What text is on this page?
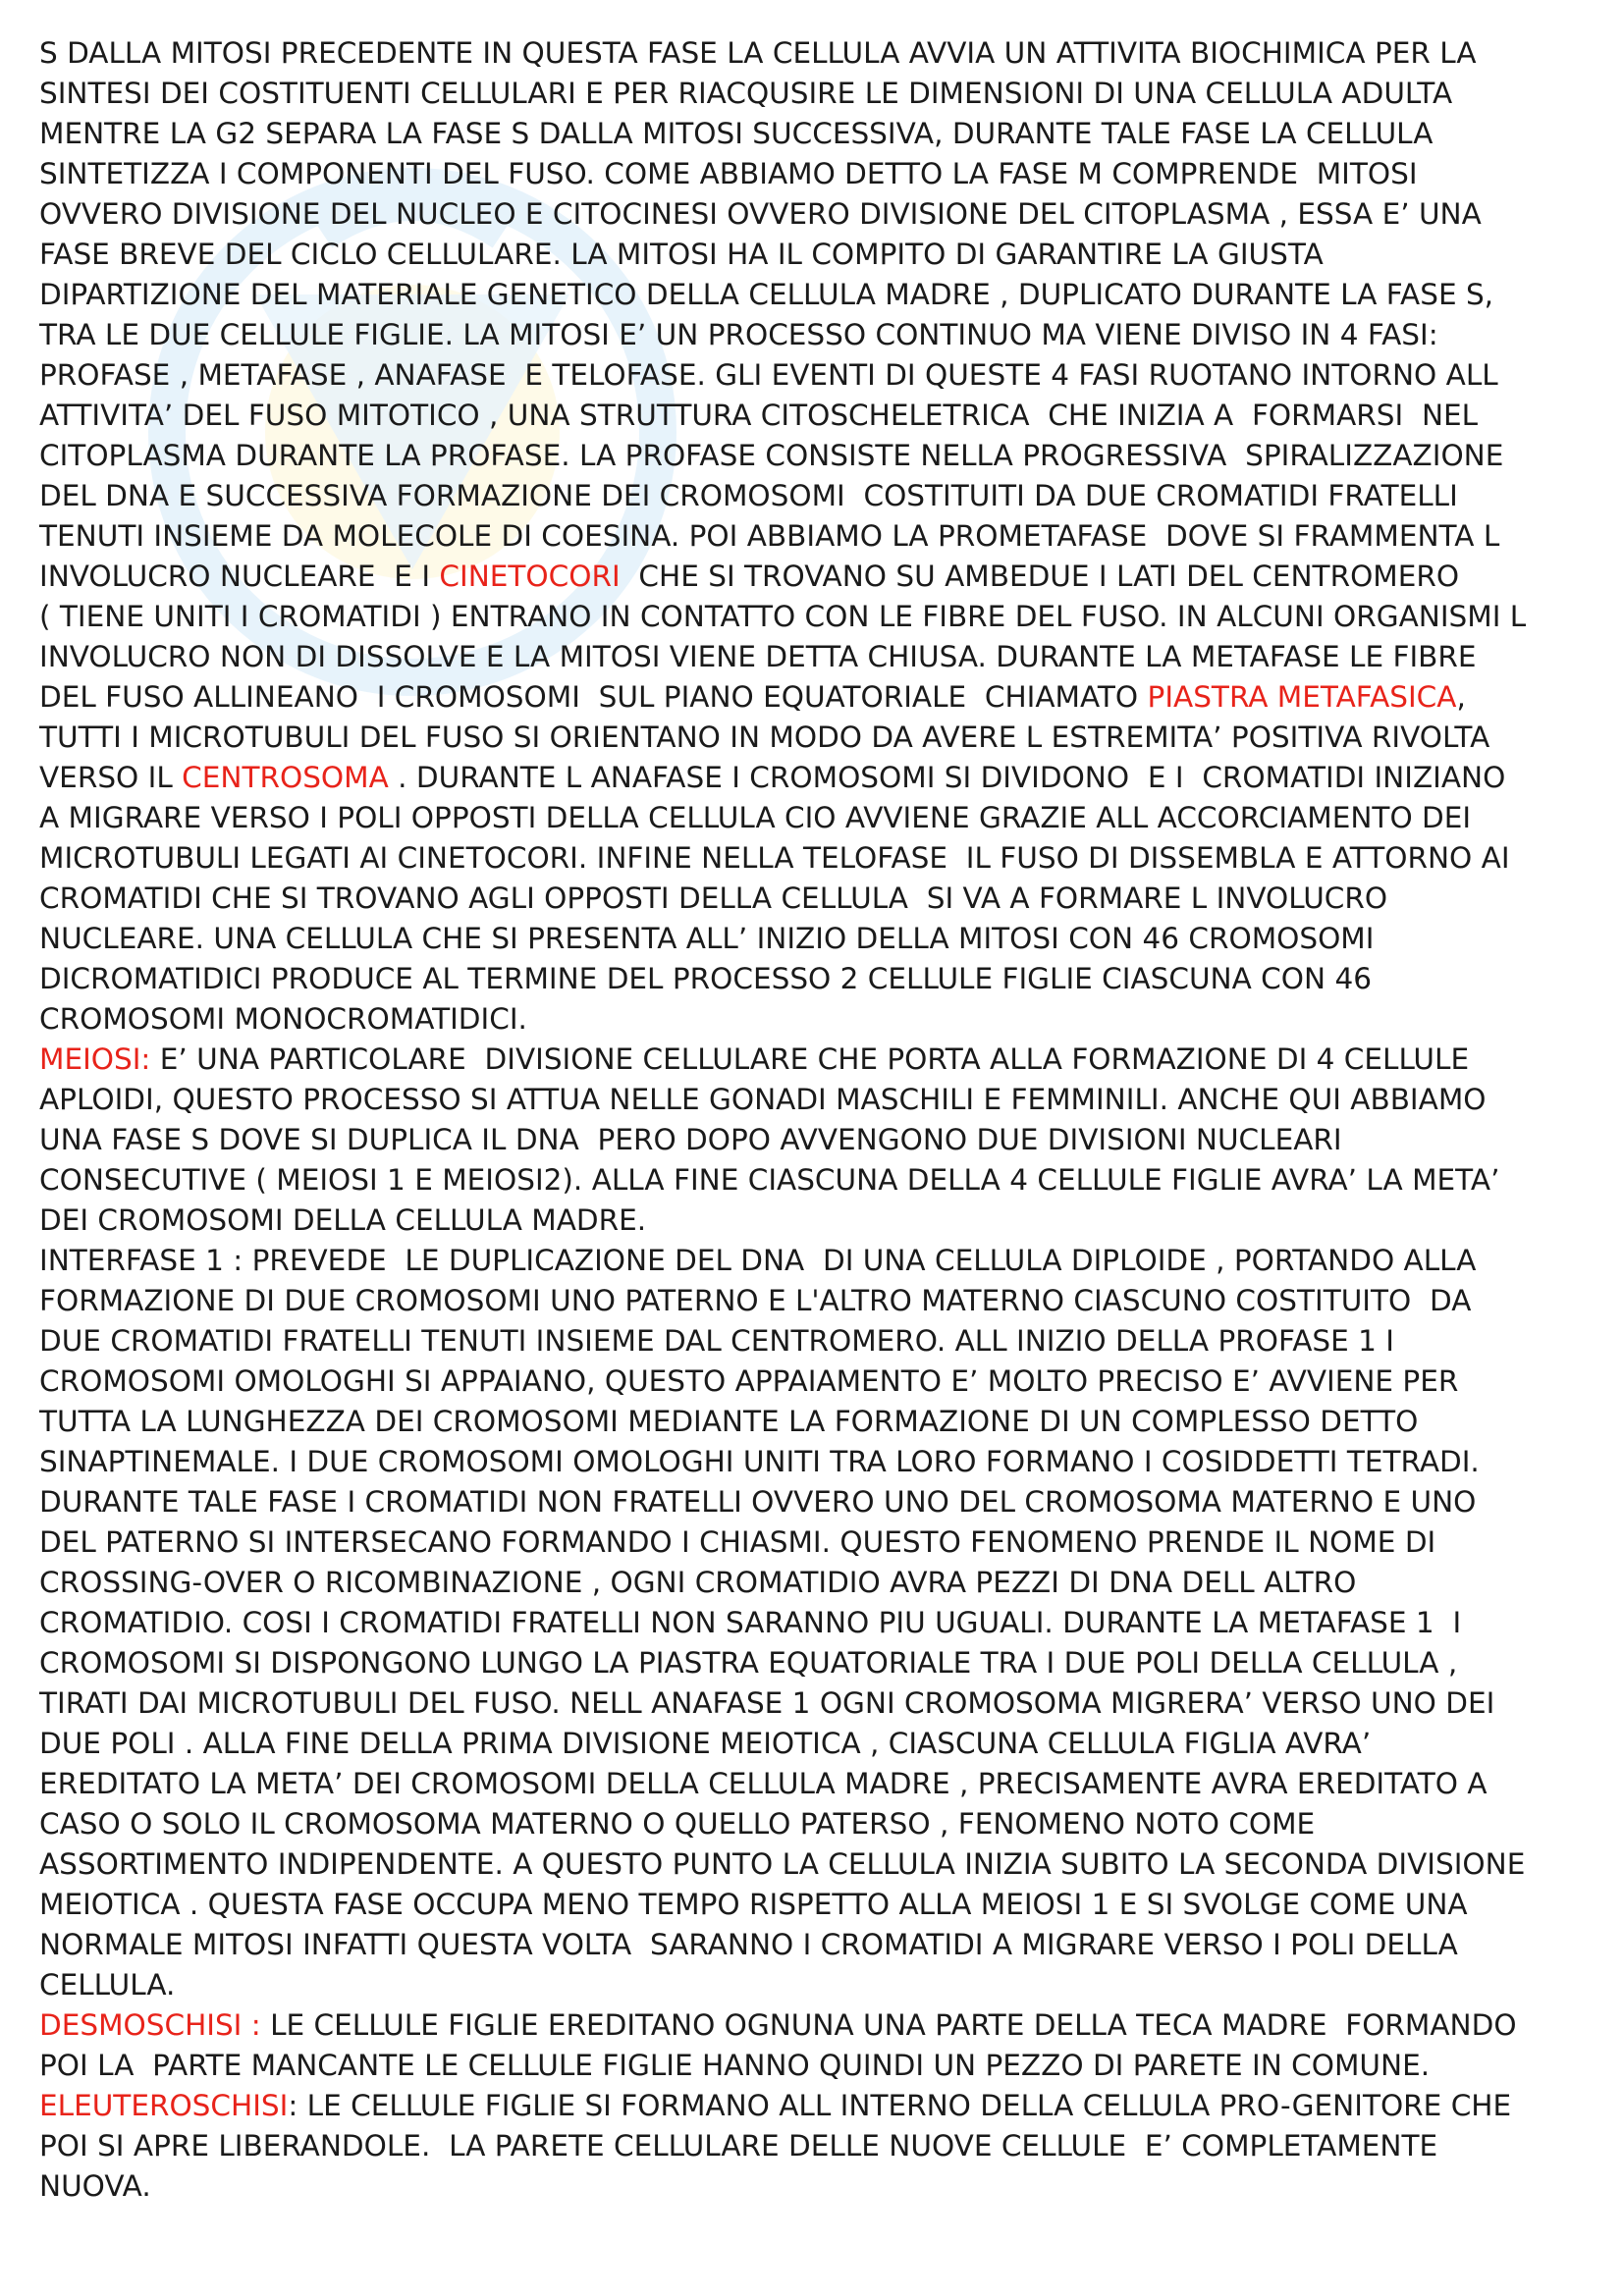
S DALLA MITOSI PRECEDENTE IN QUESTA FASE LA CELLULA AVVIA UN ATTIVITA BIOCHIMICA PER LA
SINTESI DEI COSTITUENTI CELLULARI E PER RIACQUSIRE LE DIMENSIONI DI UNA CELLULA ADULTA
MENTRE LA G2 SEPARA LA FASE S DALLA MITOSI SUCCESSIVA, DURANTE TALE FASE LA CELLULA
SINTETIZZA I COMPONENTI DEL FUSO. COME ABBIAMO DETTO LA FASE M COMPRENDE  MITOSI
OVVERO DIVISIONE DEL NUCLEO E CITOCINESI OVVERO DIVISIONE DEL CITOPLASMA , ESSA E’ UNA
FASE BREVE DEL CICLO CELLULARE. LA MITOSI HA IL COMPITO DI GARANTIRE LA GIUSTA
DIPARTIZIONE DEL MATERIALE GENETICO DELLA CELLULA MADRE , DUPLICATO DURANTE LA FASE S,
TRA LE DUE CELLULE FIGLIE. LA MITOSI E’ UN PROCESSO CONTINUO MA VIENE DIVISO IN 4 FASI:
PROFASE , METAFASE , ANAFASE  E TELOFASE. GLI EVENTI DI QUESTE 4 FASI RUOTANO INTORNO ALL
ATTIVITA’ DEL FUSO MITOTICO , UNA STRUTTURA CITOSCHELETRICA  CHE INIZIA A  FORMARSI  NEL
CITOPLASMA DURANTE LA PROFASE. LA PROFASE CONSISTE NELLA PROGRESSIVA  SPIRALIZZAZIONE
DEL DNA E SUCCESSIVA FORMAZIONE DEI CROMOSOMI  COSTITUITI DA DUE CROMATIDI FRATELLI
TENUTI INSIEME DA MOLECOLE DI COESINA. POI ABBIAMO LA PROMETAFASE  DOVE SI FRAMMENTA L
INVOLUCRO NUCLEARE  E I CINETOCORI  CHE SI TROVANO SU AMBEDUE I LATI DEL CENTROMERO
( TIENE UNITI I CROMATIDI ) ENTRANO IN CONTATTO CON LE FIBRE DEL FUSO. IN ALCUNI ORGANISMI L
INVOLUCRO NON DI DISSOLVE E LA MITOSI VIENE DETTA CHIUSA. DURANTE LA METAFASE LE FIBRE
DEL FUSO ALLINEANO  I CROMOSOMI  SUL PIANO EQUATORIALE  CHIAMATO PIASTRA METAFASICA,
TUTTI I MICROTUBULI DEL FUSO SI ORIENTANO IN MODO DA AVERE L ESTREMITA’ POSITIVA RIVOLTA
VERSO IL CENTROSOMA . DURANTE L ANAFASE I CROMOSOMI SI DIVIDONO  E I  CROMATIDI INIZIANO
A MIGRARE VERSO I POLI OPPOSTI DELLA CELLULA CIO AVVIENE GRAZIE ALL ACCORCIAMENTO DEI
MICROTUBULI LEGATI AI CINETOCORI. INFINE NELLA TELOFASE  IL FUSO DI DISSEMBLA E ATTORNO AI
CROMATIDI CHE SI TROVANO AGLI OPPOSTI DELLA CELLULA  SI VA A FORMARE L INVOLUCRO
NUCLEARE. UNA CELLULA CHE SI PRESENTA ALL’ INIZIO DELLA MITOSI CON 46 CROMOSOMI
DICROMATIDICI PRODUCE AL TERMINE DEL PROCESSO 2 CELLULE FIGLIE CIASCUNA CON 46
CROMOSOMI MONOCROMATIDICI.
MEIOSI: E’ UNA PARTICOLARE  DIVISIONE CELLULARE CHE PORTA ALLA FORMAZIONE DI 4 CELLULE
APLOIDI, QUESTO PROCESSO SI ATTUA NELLE GONADI MASCHILI E FEMMINILI. ANCHE QUI ABBIAMO
UNA FASE S DOVE SI DUPLICA IL DNA  PERO DOPO AVVENGONO DUE DIVISIONI NUCLEARI
CONSECUTIVE ( MEIOSI 1 E MEIOSI2). ALLA FINE CIASCUNA DELLA 4 CELLULE FIGLIE AVRA’ LA META’
DEI CROMOSOMI DELLA CELLULA MADRE.
INTERFASE 1 : PREVEDE  LE DUPLICAZIONE DEL DNA  DI UNA CELLULA DIPLOIDE , PORTANDO ALLA
FORMAZIONE DI DUE CROMOSOMI UNO PATERNO E L'ALTRO MATERNO CIASCUNO COSTITUITO  DA
DUE CROMATIDI FRATELLI TENUTI INSIEME DAL CENTROMERO. ALL INIZIO DELLA PROFASE 1 I
CROMOSOMI OMOLOGHI SI APPAIANO, QUESTO APPAIAMENTO E’ MOLTO PRECISO E’ AVVIENE PER
TUTTA LA LUNGHEZZA DEI CROMOSOMI MEDIANTE LA FORMAZIONE DI UN COMPLESSO DETTO
SINAPTINEMALE. I DUE CROMOSOMI OMOLOGHI UNITI TRA LORO FORMANO I COSIDDETTI TETRADI.
DURANTE TALE FASE I CROMATIDI NON FRATELLI OVVERO UNO DEL CROMOSOMA MATERNO E UNO
DEL PATERNO SI INTERSECANO FORMANDO I CHIASMI. QUESTO FENOMENO PRENDE IL NOME DI
CROSSING-OVER O RICOMBINAZIONE , OGNI CROMATIDIO AVRA PEZZI DI DNA DELL ALTRO
CROMATIDIO. COSI I CROMATIDI FRATELLI NON SARANNO PIU UGUALI. DURANTE LA METAFASE 1  I
CROMOSOMI SI DISPONGONO LUNGO LA PIASTRA EQUATORIALE TRA I DUE POLI DELLA CELLULA ,
TIRATI DAI MICROTUBULI DEL FUSO. NELL ANAFASE 1 OGNI CROMOSOMA MIGRERA’ VERSO UNO DEI
DUE POLI . ALLA FINE DELLA PRIMA DIVISIONE MEIOTICA , CIASCUNA CELLULA FIGLIA AVRA’
EREDITATO LA META’ DEI CROMOSOMI DELLA CELLULA MADRE , PRECISAMENTE AVRA EREDITATO A
CASO O SOLO IL CROMOSOMA MATERNO O QUELLO PATERSO , FENOMENO NOTO COME
ASSORTIMENTO INDIPENDENTE. A QUESTO PUNTO LA CELLULA INIZIA SUBITO LA SECONDA DIVISIONE
MEIOTICA . QUESTA FASE OCCUPA MENO TEMPO RISPETTO ALLA MEIOSI 1 E SI SVOLGE COME UNA
NORMALE MITOSI INFATTI QUESTA VOLTA  SARANNO I CROMATIDI A MIGRARE VERSO I POLI DELLA
CELLULA.
DESMOSCHISI : LE CELLULE FIGLIE EREDITANO OGNUNA UNA PARTE DELLA TECA MADRE  FORMANDO
POI LA  PARTE MANCANTE LE CELLULE FIGLIE HANNO QUINDI UN PEZZO DI PARETE IN COMUNE.
ELEUTEROSCHISI: LE CELLULE FIGLIE SI FORMANO ALL INTERNO DELLA CELLULA PRO-GENITORE CHE
POI SI APRE LIBERANDOLE.  LA PARETE CELLULARE DELLE NUOVE CELLULE  E’ COMPLETAMENTE
NUOVA.
